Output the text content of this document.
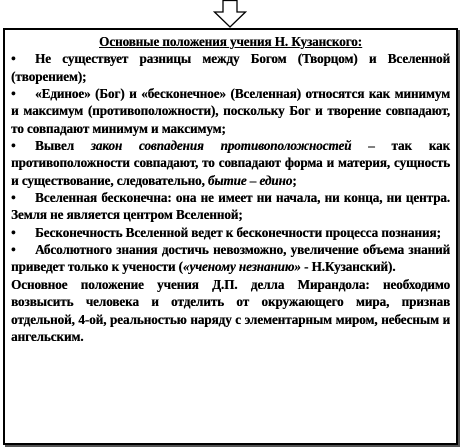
Основные положения учения Н. Кузанского:

• Не существует разницы между Богом (Творцом) и Вселенной (творением);

• «Единое» (Бог) и «бесконечное» (Вселенная) относятся как минимум и максимум (противоположности), поскольку Бог и творение совпадают, то совпадают минимум и максимум;

• Вывел закон совпадения противоположностей – так как противоположности совпадают, то совпадают форма и материя, сущность и существование, следовательно, бытие – едино;

• Вселенная бесконечна: она не имеет ни начала, ни конца, ни центра. Земля не является центром Вселенной;

• Бесконечность Вселенной ведет к бесконечности процесса познания;

• Абсолютного знания достичь невозможно, увеличение объема знаний приведет только к учености («ученому незнанию» - Н.Кузанский).

Основное положение учения Д.П. делла Мирандола: необходимо возвысить человека и отделить от окружающего мира, признав отдельной, 4-ой, реальностью наряду с элементарным миром, небесным и ангельским.
